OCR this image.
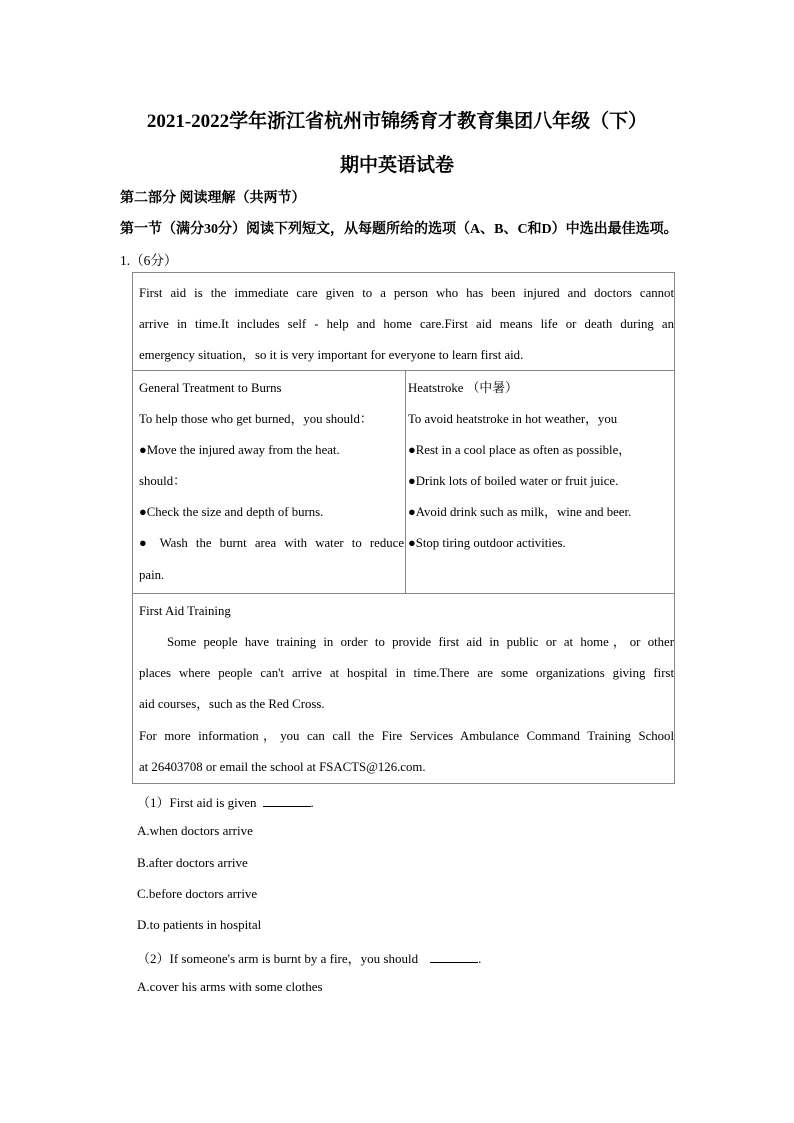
2021-2022学年浙江省杭州市锦绣育才教育集团八年级（下）
期中英语试卷
第二部分 阅读理解（共两节）
第一节（满分30分）阅读下列短文，从每题所给的选项（A、B、C和D）中选出最佳选项。
1.（6分）
First aid is the immediate care given to a person who has been injured and doctors cannot
arrive in time.It includes self - help and home care.First aid means life or death during an
emergency situation，so it is very important for everyone to learn first aid.
General Treatment to Burns
To help those who get burned，you should：
●Move the injured away from the heat.
should：
●Check the size and depth of burns.
● Wash the burnt area with water to reduce
pain.
Heatstroke （中暑）
To avoid heatstroke in hot weather，you
●Rest in a cool place as often as possible，
●Drink lots of boiled water or fruit juice.
●Avoid drink such as milk，wine and beer.
●Stop tiring outdoor activities.
First Aid Training
Some people have training in order to provide first aid in public or at home，or other
places where people can't arrive at hospital in time.There are some organizations giving first
aid courses，such as the Red Cross.
For more information，you can call the Fire Services Ambulance Command Training School
at 26403708 or email the school at FSACTS@126.com.
（1）First aid is given	.
A.when doctors arrive
B.after doctors arrive
C.before doctors arrive
D.to patients in hospital
（2）If someone's arm is burnt by a fire，you should	.
A.cover his arms with some clothes
